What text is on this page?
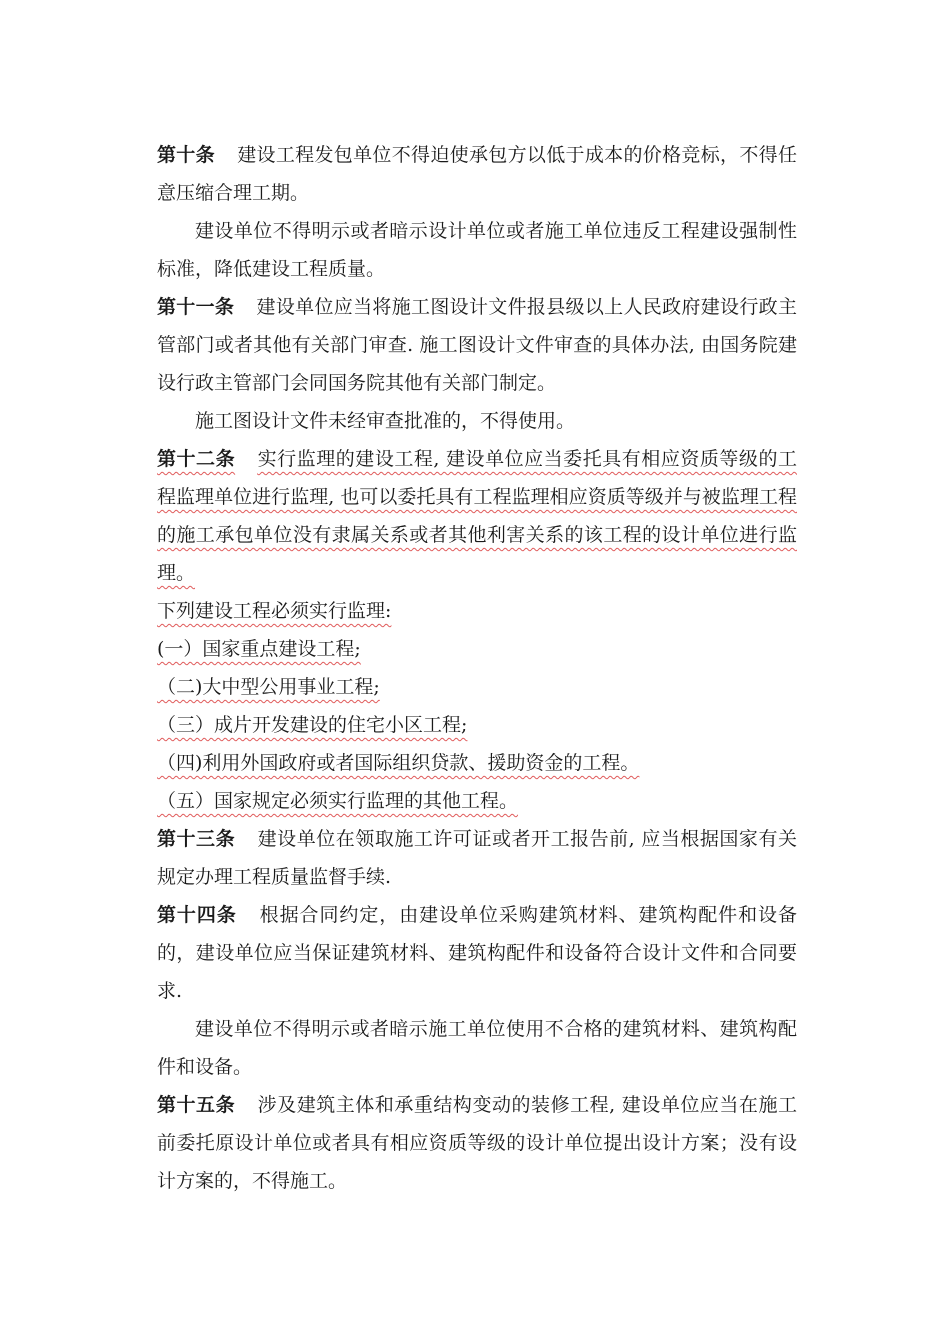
第十条 建设工程发包单位不得迫使承包方以低于成本的价格竞标，不得任意压缩合理工期。

建设单位不得明示或者暗示设计单位或者施工单位违反工程建设强制性标准，降低建设工程质量。

第十一条 建设单位应当将施工图设计文件报县级以上人民政府建设行政主管部门或者其他有关部门审查. 施工图设计文件审查的具体办法, 由国务院建设行政主管部门会同国务院其他有关部门制定。

施工图设计文件未经审查批准的，不得使用。

第十二条 实行监理的建设工程, 建设单位应当委托具有相应资质等级的工程监理单位进行监理, 也可以委托具有工程监理相应资质等级并与被监理工程的施工承包单位没有隶属关系或者其他利害关系的该工程的设计单位进行监理。

下列建设工程必须实行监理:

(一）国家重点建设工程;

（二)大中型公用事业工程;

（三）成片开发建设的住宅小区工程;

（四)利用外国政府或者国际组织贷款、援助资金的工程。

（五）国家规定必须实行监理的其他工程。

第十三条 建设单位在领取施工许可证或者开工报告前, 应当根据国家有关规定办理工程质量监督手续.

第十四条 根据合同约定，由建设单位采购建筑材料、建筑构配件和设备的，建设单位应当保证建筑材料、建筑构配件和设备符合设计文件和合同要求.

建设单位不得明示或者暗示施工单位使用不合格的建筑材料、建筑构配件和设备。

第十五条 涉及建筑主体和承重结构变动的装修工程, 建设单位应当在施工前委托原设计单位或者具有相应资质等级的设计单位提出设计方案；没有设计方案的，不得施工。
